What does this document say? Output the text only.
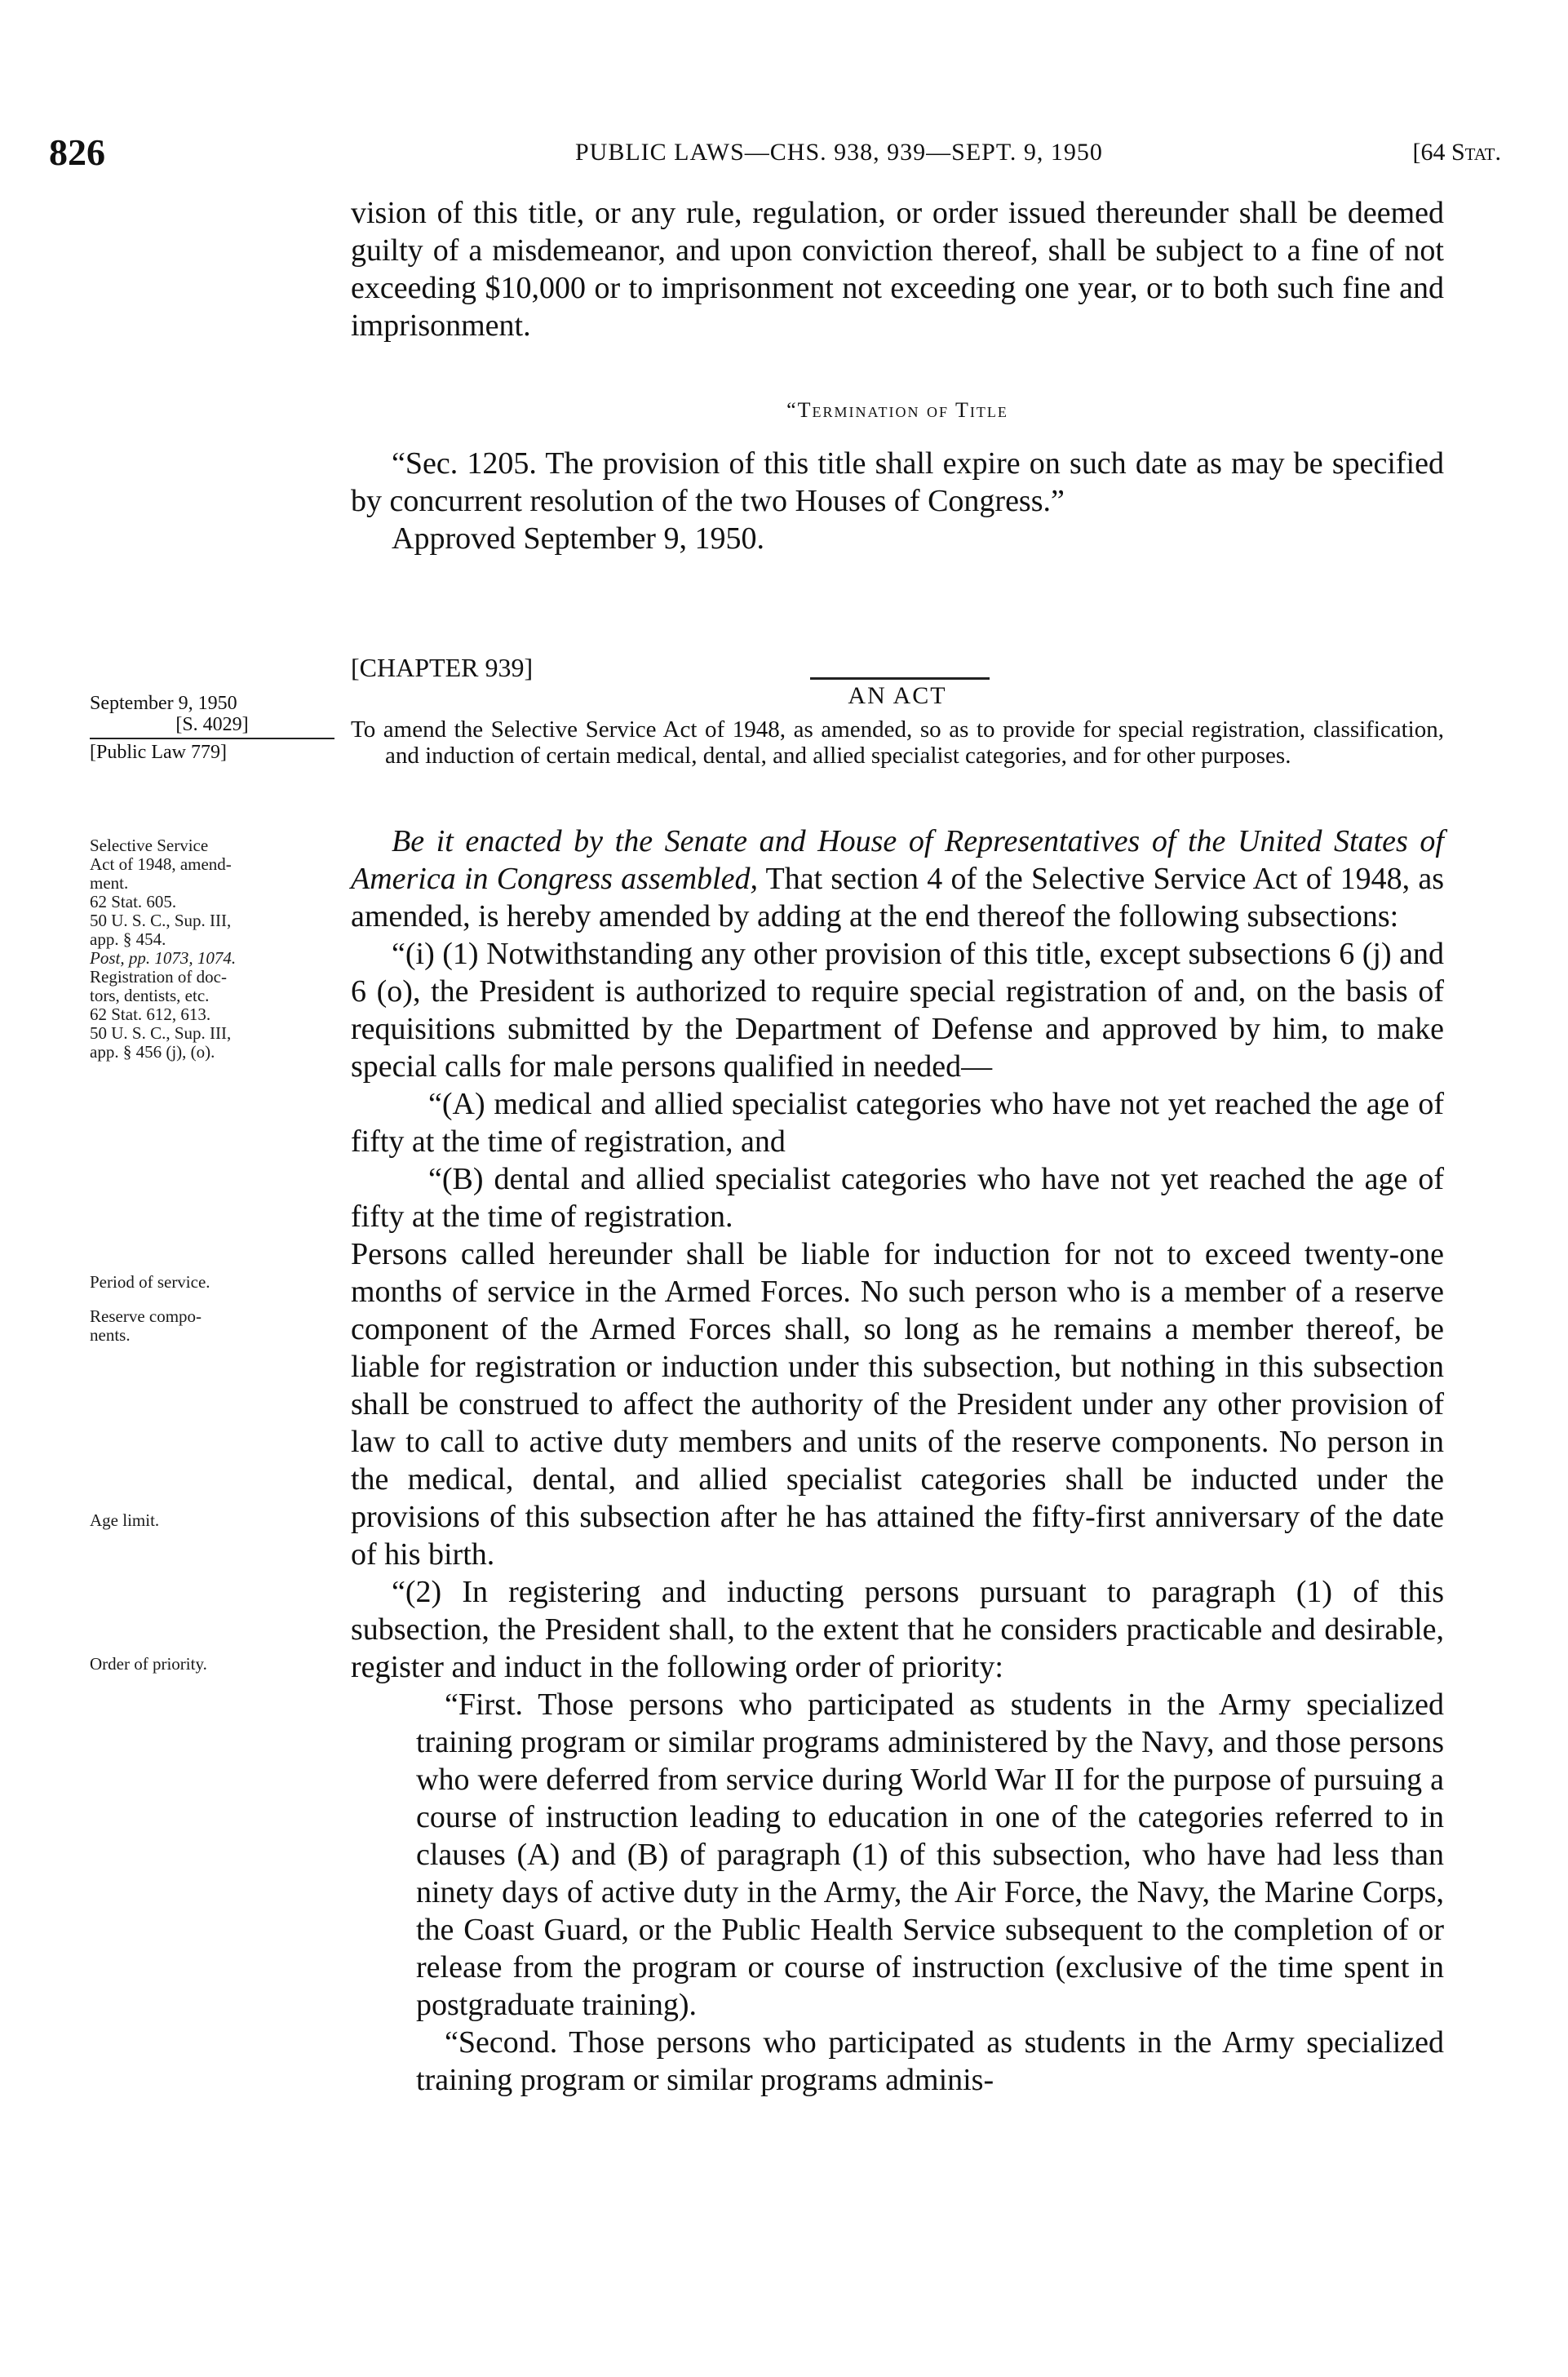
826	PUBLIC LAWS—CHS. 938, 939—SEPT. 9, 1950	[64 Stat.

vision of this title, or any rule, regulation, or order issued thereunder shall be deemed guilty of a misdemeanor, and upon conviction thereof, shall be subject to a fine of not exceeding $10,000 or to imprisonment not exceeding one year, or to both such fine and imprisonment.

“Termination of Title

“Sec. 1205. The provision of this title shall expire on such date as may be specified by concurrent resolution of the two Houses of Congress.”

Approved September 9, 1950.

[CHAPTER 939]
AN ACT
To amend the Selective Service Act of 1948, as amended, so as to provide for special registration, classification, and induction of certain medical, dental, and allied specialist categories, and for other purposes.
September 9, 1950
[S. 4029]
[Public Law 779]
Selective Service
Act of 1948, amend-
ment.
62 Stat. 605.
50 U. S. C., Sup. III,
app. § 454.
Post, pp. 1073, 1074.
Registration of doc-
tors, dentists, etc.
62 Stat. 612, 613.
50 U. S. C., Sup. III,
app. § 456 (j), (o).
Period of service.
Reserve compo-
nents.
Age limit.
Order of priority.

Be it enacted by the Senate and House of Representatives of the United States of America in Congress assembled, That section 4 of the Selective Service Act of 1948, as amended, is hereby amended by adding at the end thereof the following subsections:

“(i) (1) Notwithstanding any other provision of this title, except subsections 6 (j) and 6 (o), the President is authorized to require special registration of and, on the basis of requisitions submitted by the Department of Defense and approved by him, to make special calls for male persons qualified in needed—

“(A) medical and allied specialist categories who have not yet reached the age of fifty at the time of registration, and

“(B) dental and allied specialist categories who have not yet reached the age of fifty at the time of registration.

Persons called hereunder shall be liable for induction for not to exceed twenty-one months of service in the Armed Forces. No such person who is a member of a reserve component of the Armed Forces shall, so long as he remains a member thereof, be liable for registration or induction under this subsection, but nothing in this subsection shall be construed to affect the authority of the President under any other provision of law to call to active duty members and units of the reserve components. No person in the medical, dental, and allied specialist categories shall be inducted under the provisions of this subsection after he has attained the fifty-first anniversary of the date of his birth.

“(2) In registering and inducting persons pursuant to paragraph (1) of this subsection, the President shall, to the extent that he considers practicable and desirable, register and induct in the following order of priority:

“First. Those persons who participated as students in the Army specialized training program or similar programs administered by the Navy, and those persons who were deferred from service during World War II for the purpose of pursuing a course of instruction leading to education in one of the categories referred to in clauses (A) and (B) of paragraph (1) of this subsection, who have had less than ninety days of active duty in the Army, the Air Force, the Navy, the Marine Corps, the Coast Guard, or the Public Health Service subsequent to the completion of or release from the program or course of instruction (exclusive of the time spent in postgraduate training).

“Second. Those persons who participated as students in the Army specialized training program or similar programs adminis-
